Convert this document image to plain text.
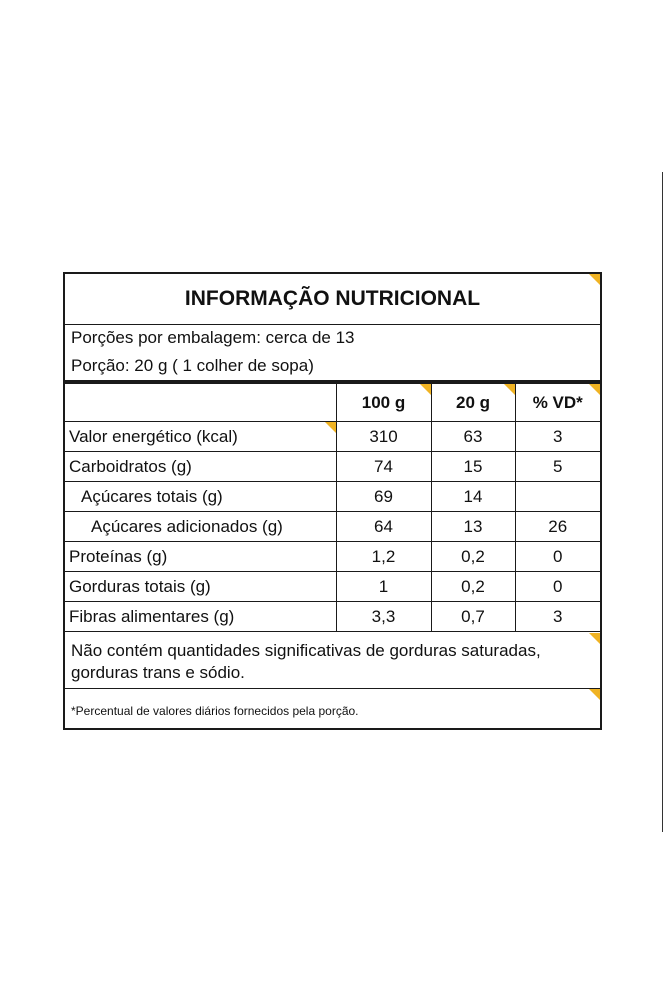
INFORMAÇÃO NUTRICIONAL
Porções por embalagem: cerca de 13
Porção: 20 g ( 1 colher de sopa)
	100 g	20 g	% VD*

Valor energético (kcal)	310	63	3
Carboidratos (g)	74	15	5
Açúcares totais (g)	69	14	
Açúcares adicionados (g)	64	13	26
Proteínas (g)	1,2	0,2	0
Gorduras totais (g)	1	0,2	0
Fibras alimentares (g)	3,3	0,7	3
Não contém quantidades significativas de gorduras saturadas,
gorduras trans e sódio.
*Percentual de valores diários fornecidos pela porção.
